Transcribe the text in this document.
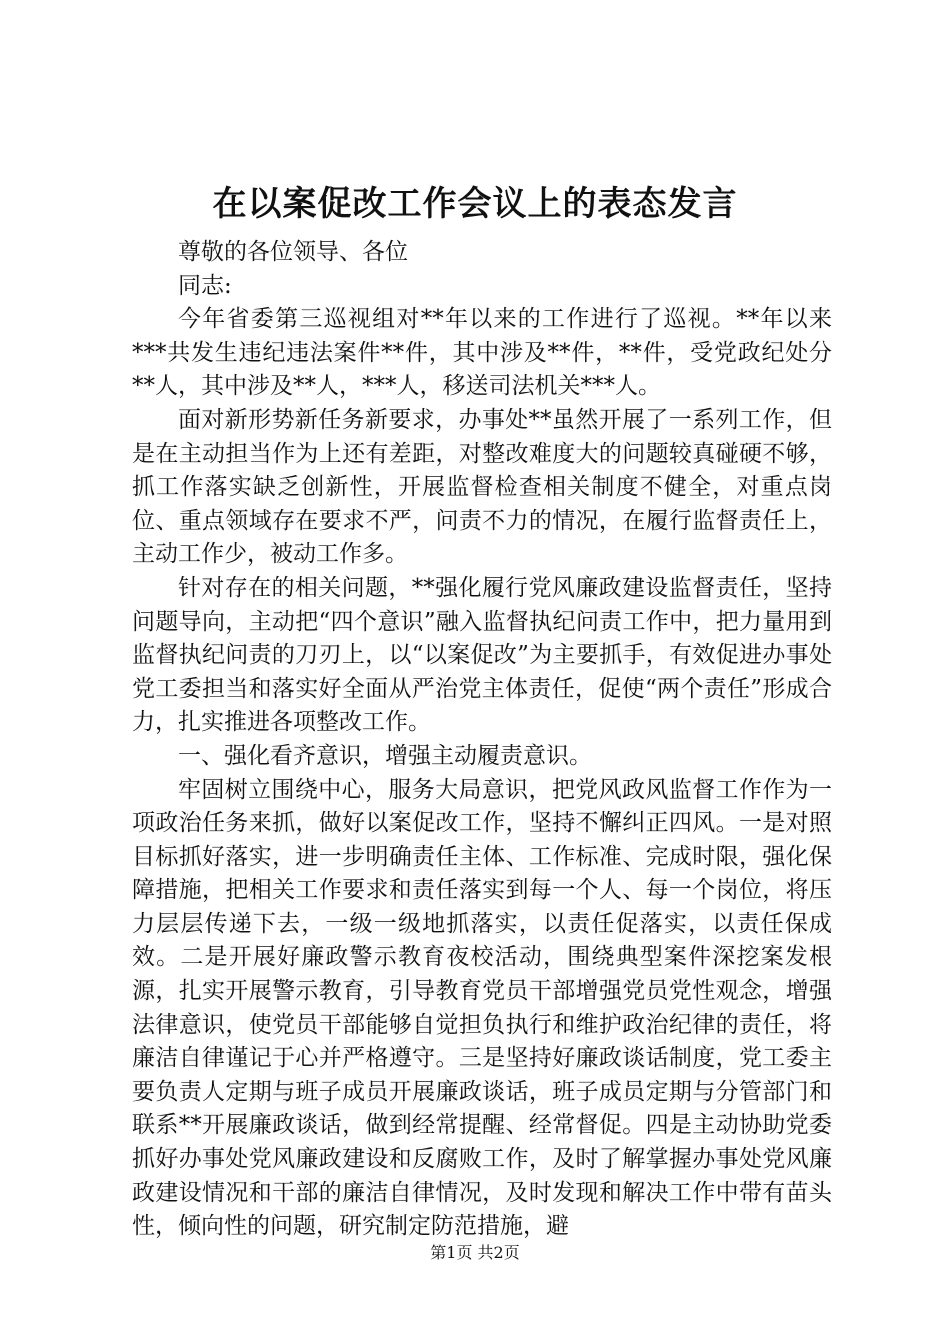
在以案促改工作会议上的表态发言

尊敬的各位领导、各位

同志:

今年省委第三巡视组对**年以来的工作进行了巡视。**年以来***共发生违纪违法案件**件，其中涉及**件，**件，受党政纪处分**人，其中涉及**人，***人，移送司法机关***人。

面对新形势新任务新要求，办事处**虽然开展了一系列工作，但是在主动担当作为上还有差距，对整改难度大的问题较真碰硬不够，抓工作落实缺乏创新性，开展监督检查相关制度不健全，对重点岗位、重点领域存在要求不严，问责不力的情况，在履行监督责任上，主动工作少，被动工作多。

针对存在的相关问题，**强化履行党风廉政建设监督责任，坚持问题导向，主动把“四个意识”融入监督执纪问责工作中，把力量用到监督执纪问责的刀刃上，以“以案促改”为主要抓手，有效促进办事处党工委担当和落实好全面从严治党主体责任，促使“两个责任”形成合力，扎实推进各项整改工作。

一、强化看齐意识，增强主动履责意识。

牢固树立围绕中心，服务大局意识，把党风政风监督工作作为一项政治任务来抓，做好以案促改工作，坚持不懈纠正四风。一是对照目标抓好落实，进一步明确责任主体、工作标准、完成时限，强化保障措施，把相关工作要求和责任落实到每一个人、每一个岗位，将压力层层传递下去，一级一级地抓落实，以责任促落实，以责任保成效。二是开展好廉政警示教育夜校活动，围绕典型案件深挖案发根源，扎实开展警示教育，引导教育党员干部增强党员党性观念，增强法律意识，使党员干部能够自觉担负执行和维护政治纪律的责任，将廉洁自律谨记于心并严格遵守。三是坚持好廉政谈话制度，党工委主要负责人定期与班子成员开展廉政谈话，班子成员定期与分管部门和联系**开展廉政谈话，做到经常提醒、经常督促。四是主动协助党委抓好办事处党风廉政建设和反腐败工作，及时了解掌握办事处党风廉政建设情况和干部的廉洁自律情况，及时发现和解决工作中带有苗头性，倾向性的问题，研究制定防范措施，避

第1页 共2页
